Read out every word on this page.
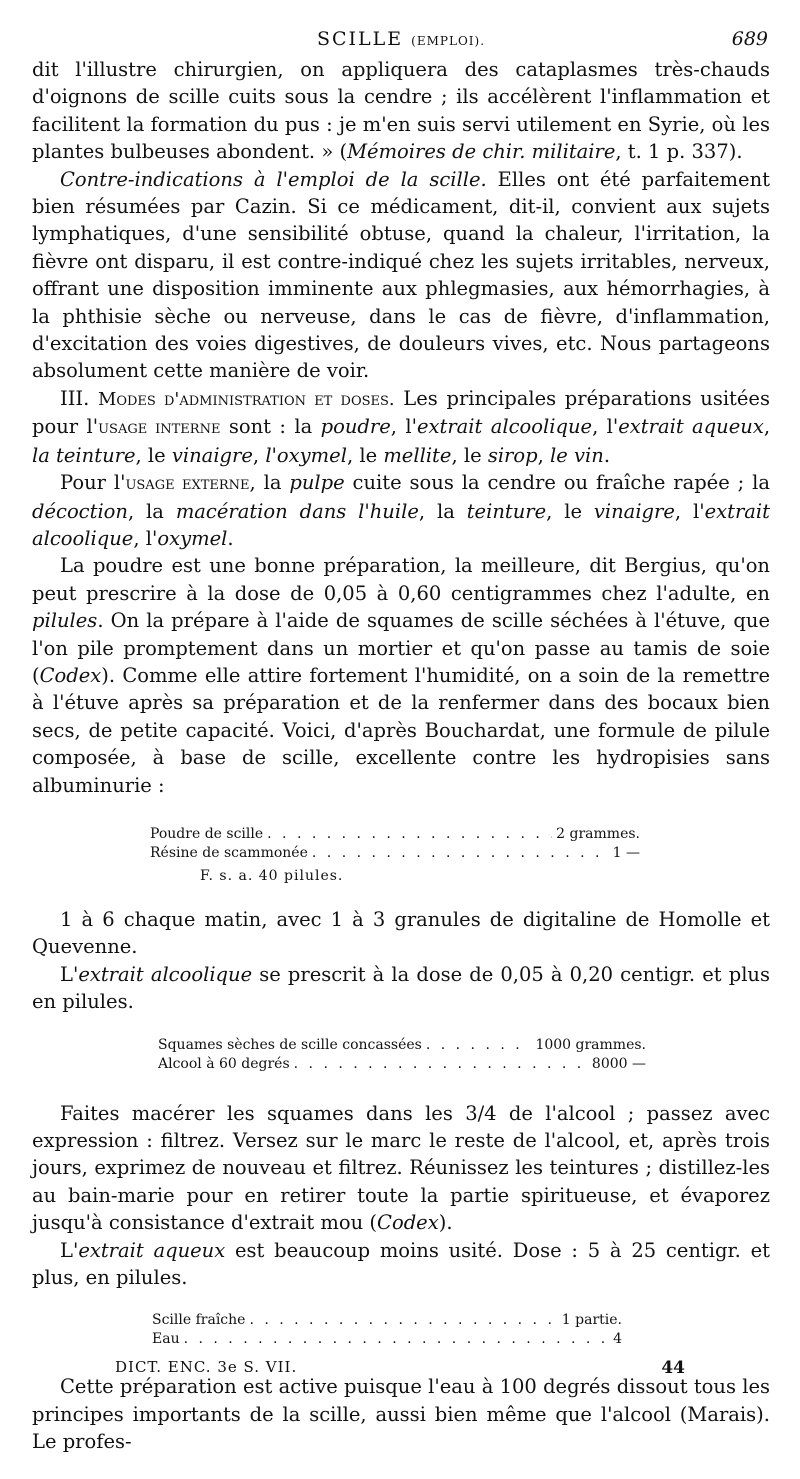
SCILLE (EMPLOI).	689

dit l'illustre chirurgien, on appliquera des cataplasmes très-chauds d'oignons de scille cuits sous la cendre ; ils accélèrent l'inflammation et facilitent la formation du pus : je m'en suis servi utilement en Syrie, où les plantes bulbeuses abondent. » (Mémoires de chir. militaire, t. 1 p. 337).

Contre-indications à l'emploi de la scille. Elles ont été parfaitement bien résumées par Cazin. Si ce médicament, dit-il, convient aux sujets lymphatiques, d'une sensibilité obtuse, quand la chaleur, l'irritation, la fièvre ont disparu, il est contre-indiqué chez les sujets irritables, nerveux, offrant une disposition imminente aux phlegmasies, aux hémorrhagies, à la phthisie sèche ou nerveuse, dans le cas de fièvre, d'inflammation, d'excitation des voies digestives, de douleurs vives, etc. Nous partageons absolument cette manière de voir.

III. Modes d'administration et doses. Les principales préparations usitées pour l'usage interne sont : la poudre, l'extrait alcoolique, l'extrait aqueux, la teinture, le vinaigre, l'oxymel, le mellite, le sirop, le vin.

Pour l'usage externe, la pulpe cuite sous la cendre ou fraîche rapée ; la décoction, la macération dans l'huile, la teinture, le vinaigre, l'extrait alcoolique, l'oxymel.

La poudre est une bonne préparation, la meilleure, dit Bergius, qu'on peut prescrire à la dose de 0,05 à 0,60 centigrammes chez l'adulte, en pilules. On la prépare à l'aide de squames de scille séchées à l'étuve, que l'on pile promptement dans un mortier et qu'on passe au tamis de soie (Codex). Comme elle attire fortement l'humidité, on a soin de la remettre à l'étuve après sa préparation et de la renfermer dans des bocaux bien secs, de petite capacité. Voici, d'après Bouchardat, une formule de pilule composée, à base de scille, excellente contre les hydropisies sans albuminurie :

Poudre de scille . . .	2 grammes.
Résine de scammonée . . .	1 —
F. s. a. 40 pilules.

1 à 6 chaque matin, avec 1 à 3 granules de digitaline de Homolle et Quevenne.

L'extrait alcoolique se prescrit à la dose de 0,05 à 0,20 centigr. et plus en pilules.

Squames sèches de scille concassées . . .	1000 grammes.
Alcool à 60 degrés . . .	8000 —

Faites macérer les squames dans les 3/4 de l'alcool ; passez avec expression : filtrez. Versez sur le marc le reste de l'alcool, et, après trois jours, exprimez de nouveau et filtrez. Réunissez les teintures ; distillez-les au bain-marie pour en retirer toute la partie spiritueuse, et évaporez jusqu'à consistance d'extrait mou (Codex).

L'extrait aqueux est beaucoup moins usité. Dose : 5 à 25 centigr. et plus, en pilules.

Scille fraîche . . .	1 partie.
Eau . . .	4

Cette préparation est active puisque l'eau à 100 degrés dissout tous les principes importants de la scille, aussi bien même que l'alcool (Marais). Le profes-

DICT. ENC. 3e S. VII.	44
